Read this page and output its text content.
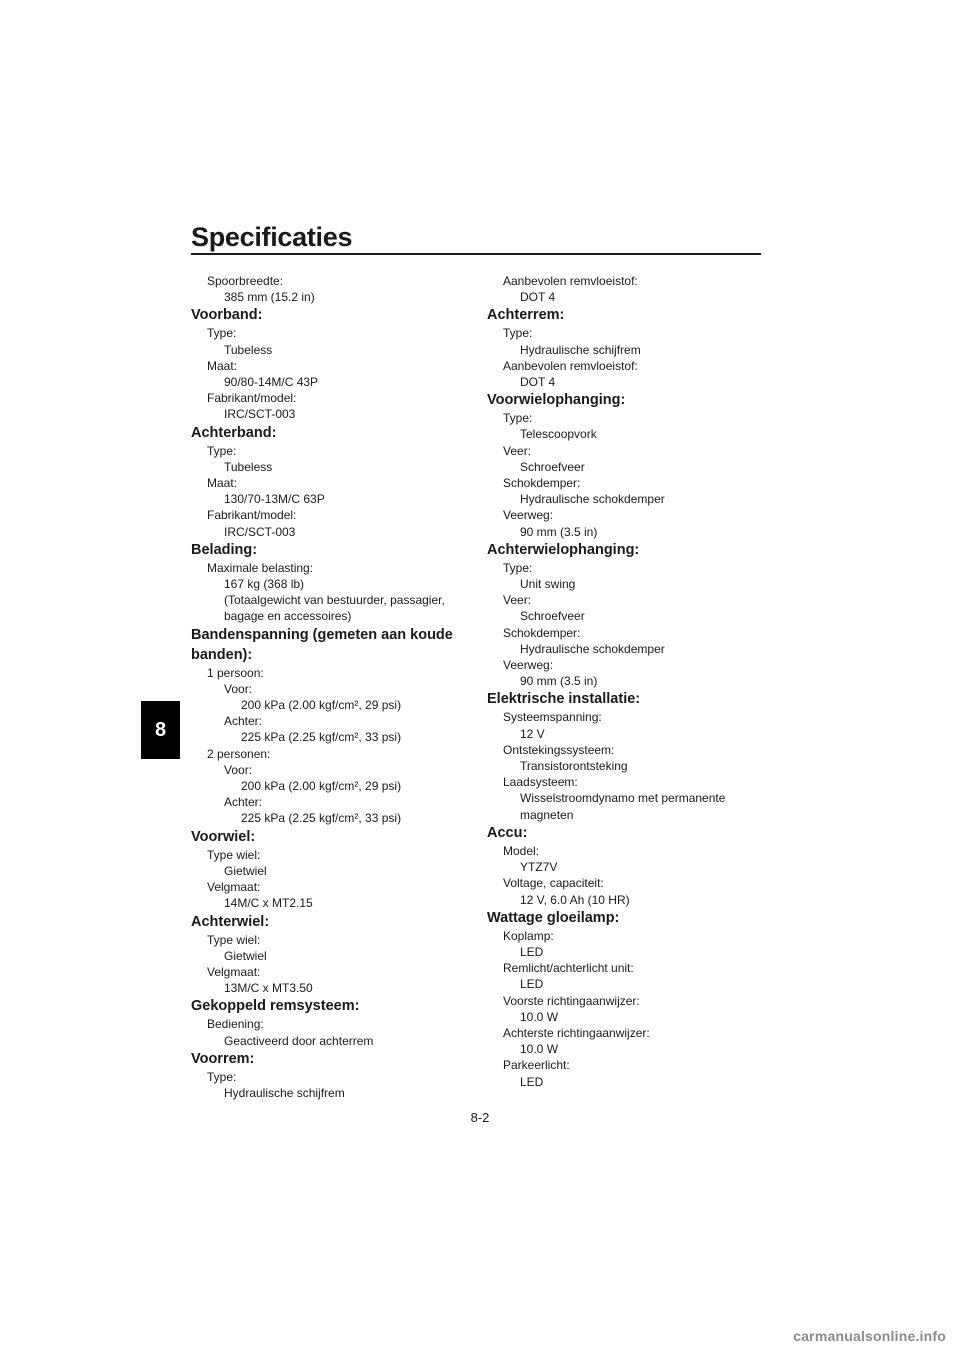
Specificaties
8
Spoorbreedte:
385 mm (15.2 in)
Voorband:
Type:
Tubeless
Maat:
90/80-14M/C 43P
Fabrikant/model:
IRC/SCT-003
Achterband:
Type:
Tubeless
Maat:
130/70-13M/C 63P
Fabrikant/model:
IRC/SCT-003
Belading:
Maximale belasting:
167 kg (368 lb)
(Totaalgewicht van bestuurder, passagier,
bagage en accessoires)
Bandenspanning (gemeten aan koude banden):
1 persoon:
Voor:
200 kPa (2.00 kgf/cm², 29 psi)
Achter:
225 kPa (2.25 kgf/cm², 33 psi)
2 personen:
Voor:
200 kPa (2.00 kgf/cm², 29 psi)
Achter:
225 kPa (2.25 kgf/cm², 33 psi)
Voorwiel:
Type wiel:
Gietwiel
Velgmaat:
14M/C x MT2.15
Achterwiel:
Type wiel:
Gietwiel
Velgmaat:
13M/C x MT3.50
Gekoppeld remsysteem:
Bediening:
Geactiveerd door achterrem
Voorrem:
Type:
Hydraulische schijfrem
Aanbevolen remvloeistof:
DOT 4
Achterrem:
Type:
Hydraulische schijfrem
Aanbevolen remvloeistof:
DOT 4
Voorwielophanging:
Type:
Telescoopvork
Veer:
Schroefveer
Schokdemper:
Hydraulische schokdemper
Veerweg:
90 mm (3.5 in)
Achterwielophanging:
Type:
Unit swing
Veer:
Schroefveer
Schokdemper:
Hydraulische schokdemper
Veerweg:
90 mm (3.5 in)
Elektrische installatie:
Systeemspanning:
12 V
Ontstekingssysteem:
Transistorontsteking
Laadsysteem:
Wisselstroomdynamo met permanente
magneten
Accu:
Model:
YTZ7V
Voltage, capaciteit:
12 V, 6.0 Ah (10 HR)
Wattage gloeilamp:
Koplamp:
LED
Remlicht/achterlicht unit:
LED
Voorste richtingaanwijzer:
10.0 W
Achterste richtingaanwijzer:
10.0 W
Parkeerlicht:
LED
8-2
carmanualsonline.info
